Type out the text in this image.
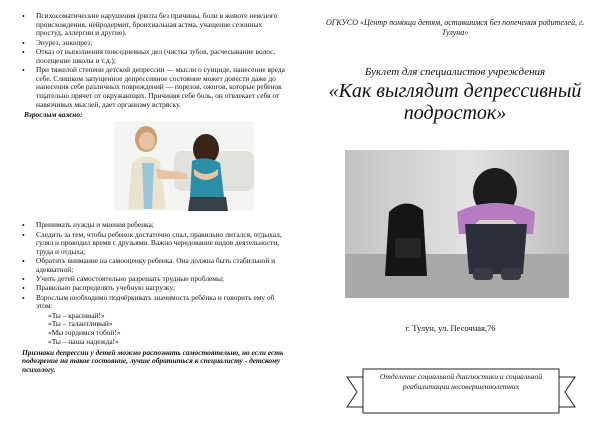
• Психосоматические нарушения (рвота без причины, боли в животе неясного происхождения, нейродермит, бронхиальная астма, учащение сезонных простуд, аллергии и другие).
• Энурез, энкопрез;
• Отказ от выполнения повседневных дел (чистка зубов, расчесывание волос, посещение школы и т.д.);
• При тяжелой степени детской депрессии — мысли о суициде, нанесение вреда себе. Слишком запущенное депрессивное состояние может довести даже до нанесения себе различных повреждений — порезов, ожогов, которые ребенок тщательно прячет от окружающих. Причиняя себе боль, он отвлекает себя от навязчивых мыслей, дает организму встряску.
Взрослым важно:
• Принимать нужды и мнения ребенка;
• Следить за тем, чтобы ребенок достаточно спал, правильно питался, отдыхал, гулял и проводил время с друзьями. Важно чередование видов деятельности, труда и отдыха;
• Обратить внимание на самооценку ребенка. Она должна быть стабильной и адекватной;
• Учить детей самостоятельно разрешать трудные проблемы;
• Правильно распределять учебную нагрузку;
• Взрослым необходимо подчёркивать значимость ребёнка и говорить ему об этом:
«Ты – красивый!»
«Ты – талантливый»
«Мы гордимся тобой!»
«Ты – наша надежда!»
Признаки депрессии у детей можно распознать самостоятельно, но если есть подозрение на такое состояние, лучше обратиться к специалисту - детскому психологу.
ОГКУСО «Центр помощи детям, оставшимся без попечения родителей, г. Тулуна»
Буклет для специалистов учреждения
«Как выглядит депрессивный подросток»
г. Тулун, ул. Песочная,76
Отделение социальной диагностики и социальной реабилитации несовершеннолетних
